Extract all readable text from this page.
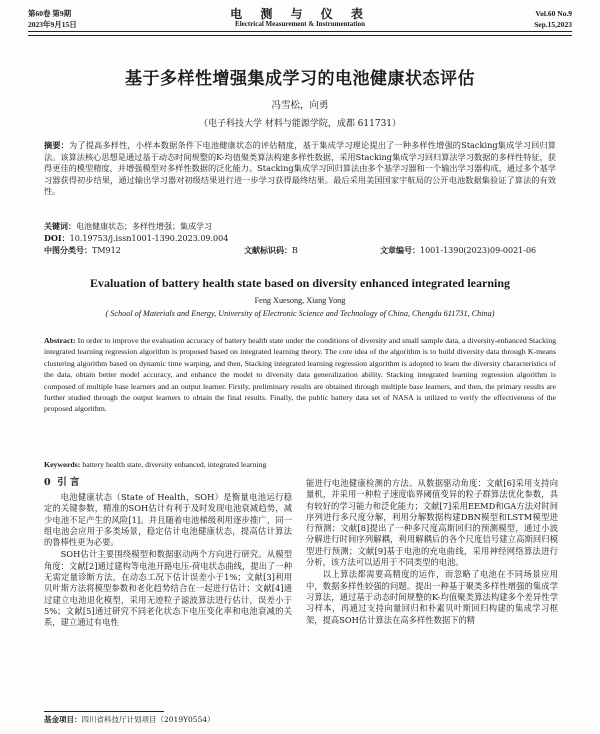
第60卷 第9期
2023年9月15日
电 测 与 仪 表
Electrical Measurement & Instrumentation
Vol.60 No.9
Sep.15,2023
基于多样性增强集成学习的电池健康状态评估
冯雪松，向勇
（电子科技大学 材料与能源学院，成都 611731）
摘要：为了提高多样性，小样本数据条件下电池健康状态的评估精度，基于集成学习理论提出了一种多样性增强的Stacking集成学习回归算法。该算法核心思想是通过基于动态时间规整的K-均值聚类算法构建多样性数据，采用Stacking集成学习回归算法学习数据的多样性特征，获得更佳的模型精度，并增强模型对多样性数据的泛化能力。Stacking集成学习回归算法由多个基学习器和一个输出学习器构成，通过多个基学习器获得初步结果，通过输出学习器对初级结果进行进一步学习获得最终结果。最后采用美国国家宇航局的公开电池数据集验证了算法的有效性。
关键词：电池健康状态；多样性增强；集成学习
DOI：10.19753/j.issn1001-1390.2023.09.004
中图分类号：TM912	文献标识码：B	文章编号：1001-1390(2023)09-0021-06
Evaluation of battery health state based on diversity enhanced integrated learning
Feng Xuesong, Xiang Yong
( School of Materials and Energy, University of Electronic Science and Technology of China, Chengdu 611731, China)
Abstract: In order to improve the evaluation accuracy of battery health state under the conditions of diversity and small sample data, a diversity-enhanced Stacking integrated learning regression algorithm is proposed based on integrated learning theory. The core idea of the algorithm is to build diversity data through K-means clustering algorithm based on dynamic time warping, and then, Stacking integrated learning regression algorithm is adopted to learn the diversity characteristics of the data, obtain better model accuracy, and enhance the model to diversity data generalization ability. Stacking integrated learning regression algorithm is composed of multiple base learners and an output learner. Firstly, preliminary results are obtained through multiple base learners, and then, the primary results are further studied through the output learners to obtain the final results. Finally, the public battery data set of NASA is utilized to verify the effectiveness of the proposed algorithm.
Keywords: battery health state, diversity enhanced, integrated learning
0 引 言
电池健康状态（State of Health，SOH）是衡量电池运行稳定的关键参数，精准的SOH估计有利于及时发现电池衰减趋势，减少电池不足产生的风险[1]。并且随着电池梯级利用逐步推广，同一组电池会应用于多类场景，稳定估计电池健康状态，提高估计算法的鲁棒性更为必要。
SOH估计主要围绕模型和数据驱动两个方向进行研究。从模型角度：文献[2]通过建构等电池开路电压-荷电状态曲线，提出了一种无需定量诊断方法，在动态工况下估计误差小于1%；文献[3]利用贝叶斯方法将模型参数和老化趋势结合在一起进行估计；文献[4]通过建立电池退化模型，采用无迹粒子滤波算法进行估计，误差小于5%；文献[5]通过研究不同老化状态下电压变化率和电池衰减的关系，建立通过有电性
能进行电池健康检测的方法。从数据驱动角度：文献[6]采用支持向量机，并采用一种粒子速度临界阈值变异的粒子群算法优化参数，具有较好的学习能力和泛化能力；文献[7]采用EEMD和GA方法对时间序列进行多尺度分解，利用分解数据构建DBN模型和LSTM模型进行预测；文献[8]提出了一种多尺度高斯回归的预测模型，通过小波分解进行时间序列解耦，利用解耦后的各个尺度信号建立高斯回归模型进行预测；文献[9]基于电池的充电曲线，采用神经网络算法进行分析，该方法可以适用于不同类型的电池。
以上算法都需要高精度的运作，而忽略了电池在不同场景应用中，数据多样性较强的问题。提出一种基于聚类多样性增强的集成学习算法，通过基于动态时间规整的K-均值聚类算法构建多个差异性学习样本，再通过支持向量回归和朴素贝叶斯回归构建的集成学习框架，提高SOH估计算法在高多样性数据下的精
基金项目：四川省科技厅计划项目（2019Y0554）
